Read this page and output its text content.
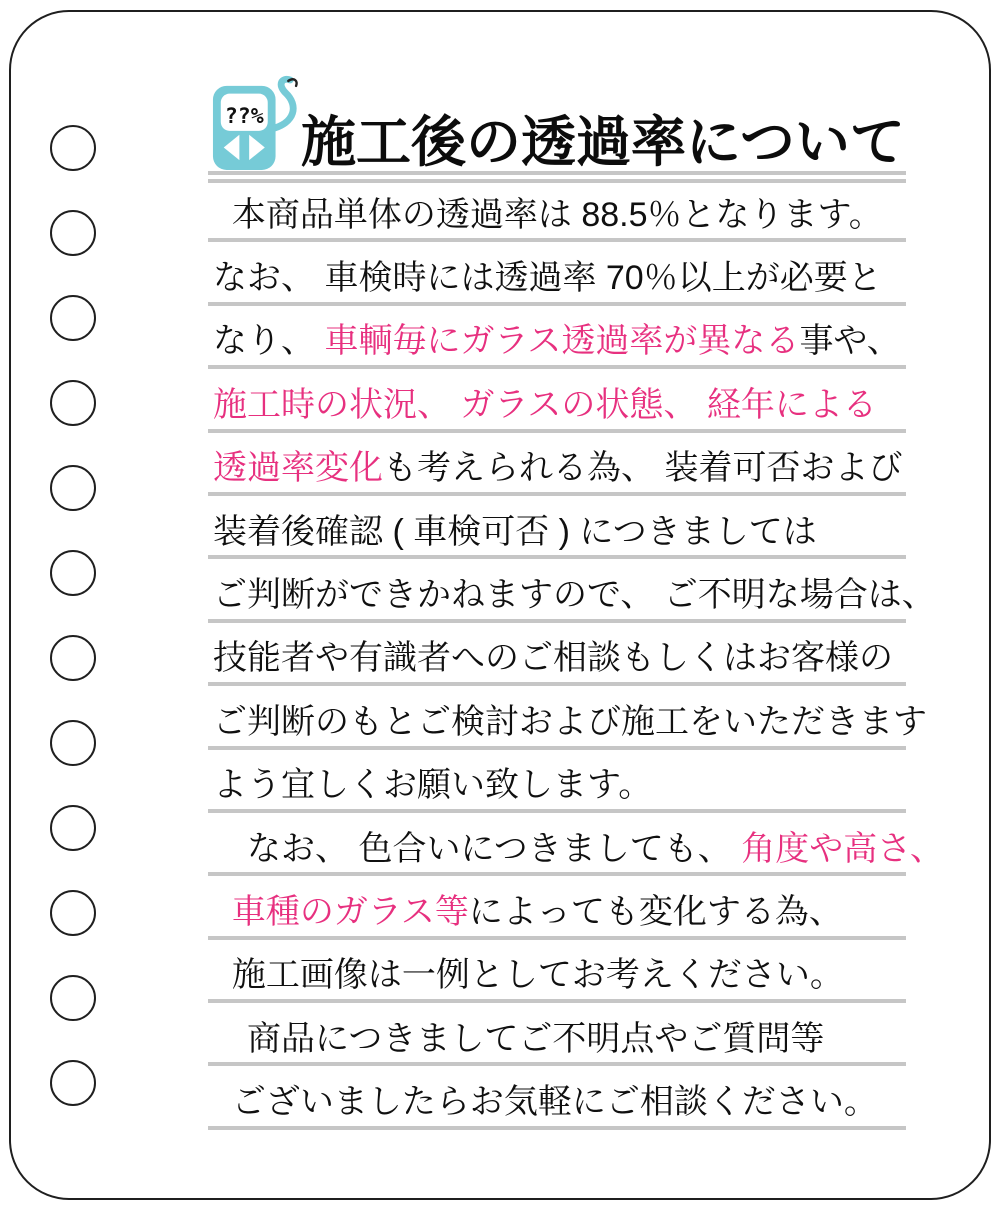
??% 施工後の透過率について
本商品単体の透過率は 88.5％となります。
なお、 車検時には透過率 70％以上が必要と
なり、 車輌毎にガラス透過率が異なる 事や、
施工時の状況、 ガラスの状態、 経年による
透過率変化 も考えられる為、 装着可否および
装着後確認 ( 車検可否 ) につきましては
ご判断ができかねますので、 ご不明な場合は、
技能者や有識者へのご相談もしくはお客様の
ご判断のもとご検討および施工をいただきます
よう宜しくお願い致します。
　なお、 色合いにつきましても、 角度や高さ、

車種のガラス等 によっても変化する為、
施工画像は一例としてお考えください。
　商品につきましてご不明点やご質問等
ございましたらお気軽にご相談ください。
